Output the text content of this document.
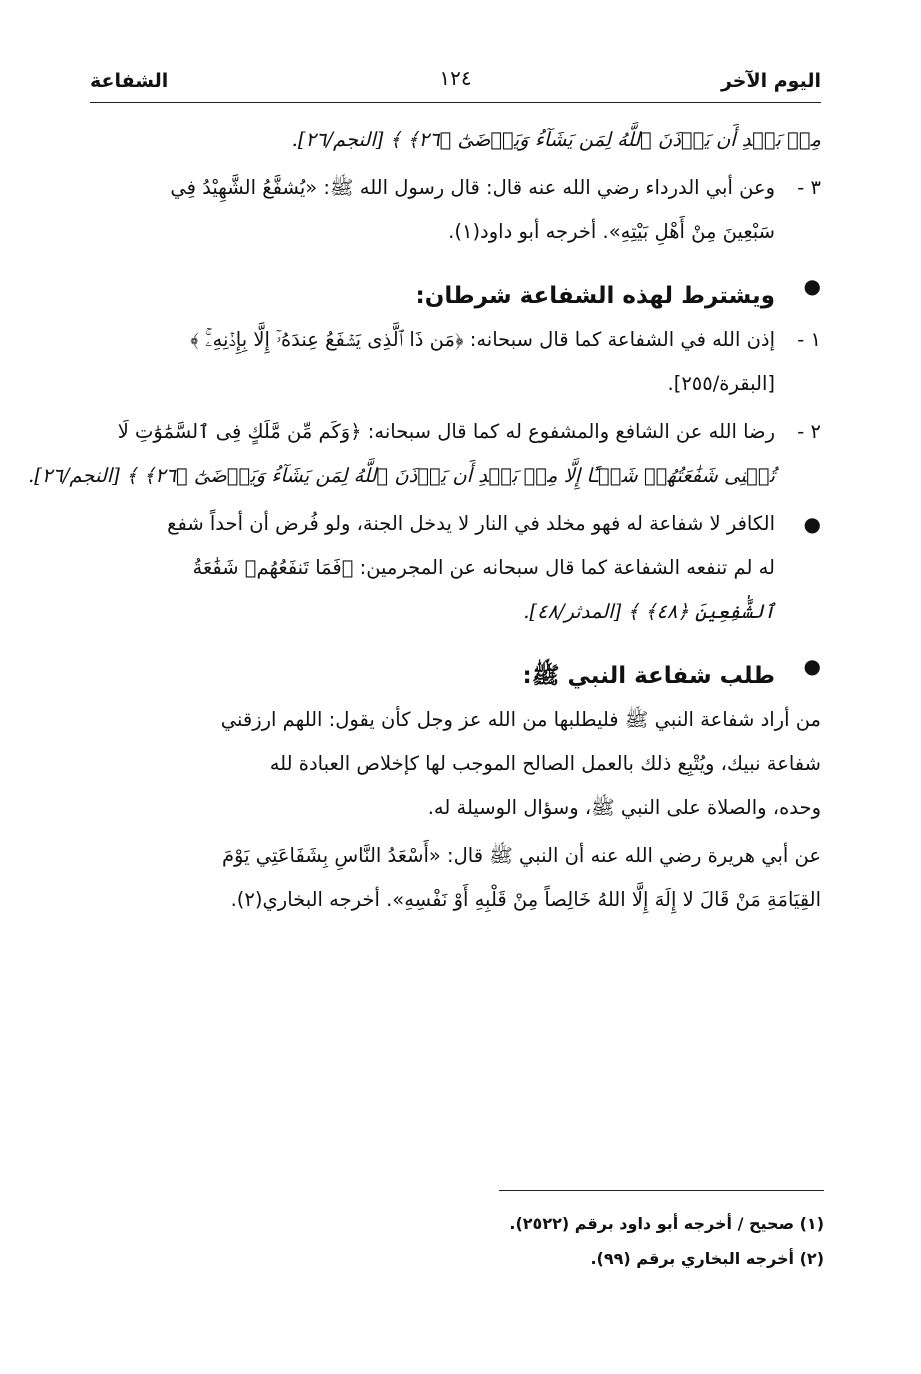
اليوم الآخر
١٢٤
الشفاعة
مِنۢ بَعۡدِ أَن يَأۡذَنَ ٱللَّهُ لِمَن يَشَآءُ وَيَرۡضَىٰٓ ﴿٢٦﴾ ﴾ [النجم/٢٦].
٣ -
وعن أبي الدرداء رضي الله عنه قال: قال رسول الله ﷺ: «يُشفَّعُ الشَّهِيْدُ فِي
سَبْعِينَ مِنْ أَهْلِ بَيْتِهِ». أخرجه أبو داود(١).
●
ويشترط لهذه الشفاعة شرطان:
١ -
إذن الله في الشفاعة كما قال سبحانه: ﴿مَن ذَا ٱلَّذِى يَشۡفَعُ عِندَهُۥٓ إِلَّا بِإِذۡنِهِۦۚ ﴾
[البقرة/٢٥٥].
٢ -
رضا الله عن الشافع والمشفوع له كما قال سبحانه: ﴿وَكَم مِّن مَّلَكٍ فِى ٱلسَّمَٰوَٰتِ لَا
تُغۡنِى شَفَٰعَتُهُمۡ شَيۡـًٔا إِلَّا مِنۢ بَعۡدِ أَن يَأۡذَنَ ٱللَّهُ لِمَن يَشَآءُ وَيَرۡضَىٰٓ ﴿٢٦﴾ ﴾ [النجم/٢٦].
●
الكافر لا شفاعة له فهو مخلد في النار لا يدخل الجنة، ولو فُرض أن أحداً شفع
له لم تنفعه الشفاعة كما قال سبحانه عن المجرمين: ﴿فَمَا تَنفَعُهُمۡ شَفَٰعَةُ
ٱلشَّٰفِعِينَ ﴿٤٨﴾ ﴾ [المدثر/٤٨].
●
طلب شفاعة النبي ﷺ:
من أراد شفاعة النبي ﷺ فليطلبها من الله عز وجل كأن يقول: اللهم ارزقني
شفاعة نبيك، ويُتْبِع ذلك بالعمل الصالح الموجب لها كإخلاص العبادة لله
وحده، والصلاة على النبي ﷺ، وسؤال الوسيلة له.
عن أبي هريرة رضي الله عنه أن النبي ﷺ قال: «أَسْعَدُ النَّاسِ بِشَفَاعَتِي يَوْمَ
القِيَامَةِ مَنْ قَالَ لا إِلَهَ إِلَّا اللهُ خَالِصاً مِنْ قَلْبِهِ أَوْ نَفْسِهِ». أخرجه البخاري(٢).
(١) صحيح / أخرجه أبو داود برقم (٢٥٢٢).
(٢) أخرجه البخاري برقم (٩٩).
